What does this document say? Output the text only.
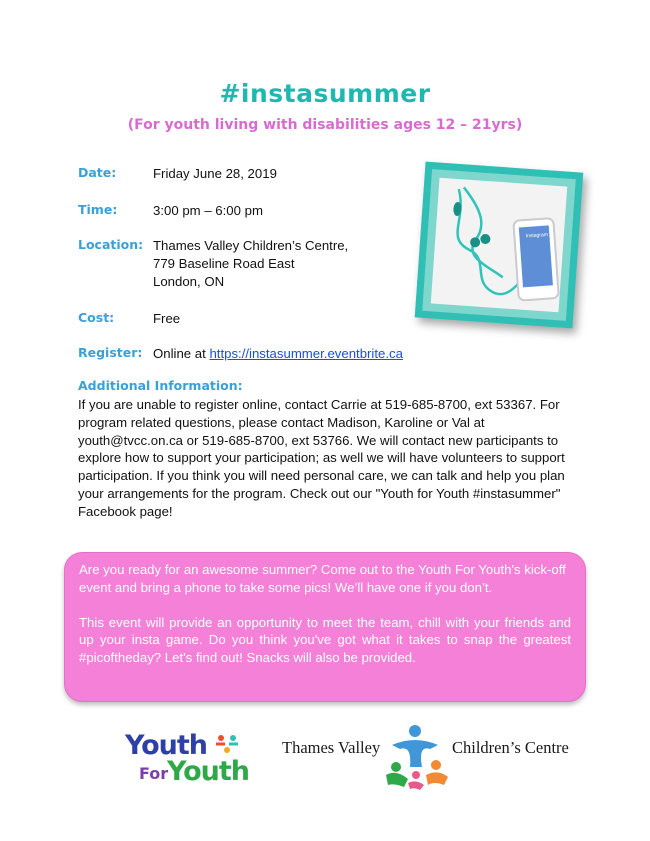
#instasummer
(For youth living with disabilities ages 12 – 21yrs)
Date:	Friday June 28, 2019
Time:	3:00 pm – 6:00 pm
Location: Thames Valley Children’s Centre,
779 Baseline Road East
London, ON
Cost:	Free
Register: Online at https://instasummer.eventbrite.ca
Instagram
Additional Information:
If you are unable to register online, contact Carrie at 519-685-8700, ext 53367. For program related questions, please contact Madison, Karoline or Val at youth@tvcc.on.ca or 519-685-8700, ext 53766. We will contact new participants to explore how to support your participation; as well we will have volunteers to support participation. If you think you will need personal care, we can talk and help you plan your arrangements for the program. Check out our "Youth for Youth #instasummer" Facebook page!

Are you ready for an awesome summer? Come out to the Youth For Youth's kick-off event and bring a phone to take some pics! We’ll have one if you don’t.

This event will provide an opportunity to meet the team, chill with your friends and up your insta game. Do you think you've got what it takes to snap the greatest #picoftheday? Let's find out! Snacks will also be provided.

Youth
For
Youth
Thames Valley	Children’s Centre
